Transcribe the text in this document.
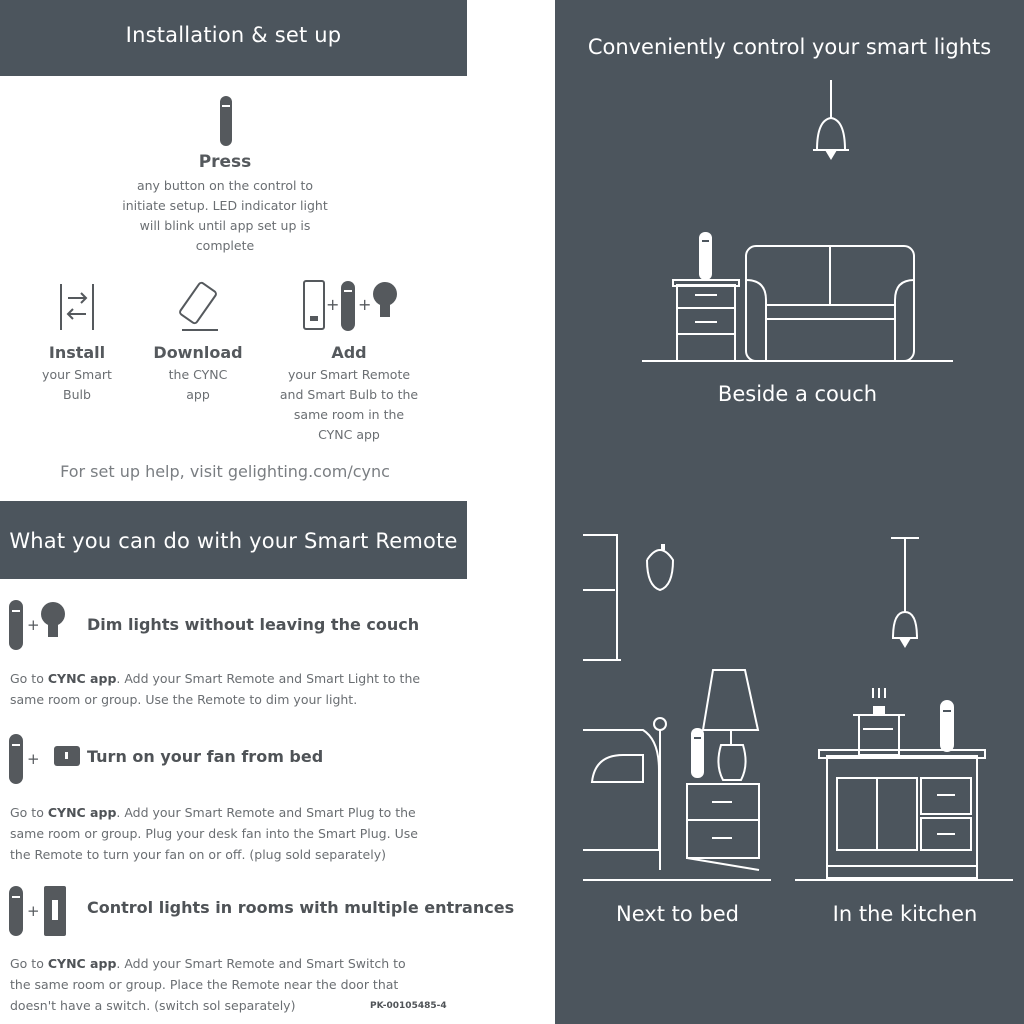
Installation & set up
Press
any button on the control to initiate setup. LED indicator light will blink until app set up is complete
+ +
Install
your Smart Bulb
Download
the CYNC app
Add
your Smart Remote and Smart Bulb to the same room in the CYNC app
For set up help, visit gelighting.com/cync
What you can do with your Smart Remote
+	Dim lights without leaving the couch
Go to CYNC app. Add your Smart Remote and Smart Light to the same room or group. Use the Remote to dim your light.
+	Turn on your fan from bed
Go to CYNC app. Add your Smart Remote and Smart Plug to the same room or group. Plug your desk fan into the Smart Plug. Use the Remote to turn your fan on or off. (plug sold separately)
+	Control lights in rooms with multiple entrances
Go to CYNC app. Add your Smart Remote and Smart Switch to the same room or group. Place the Remote near the door that doesn't have a switch. (switch sol separately)	PK-00105485-4
Conveniently control your smart lights
Beside a couch
Next to bed	In the kitchen
